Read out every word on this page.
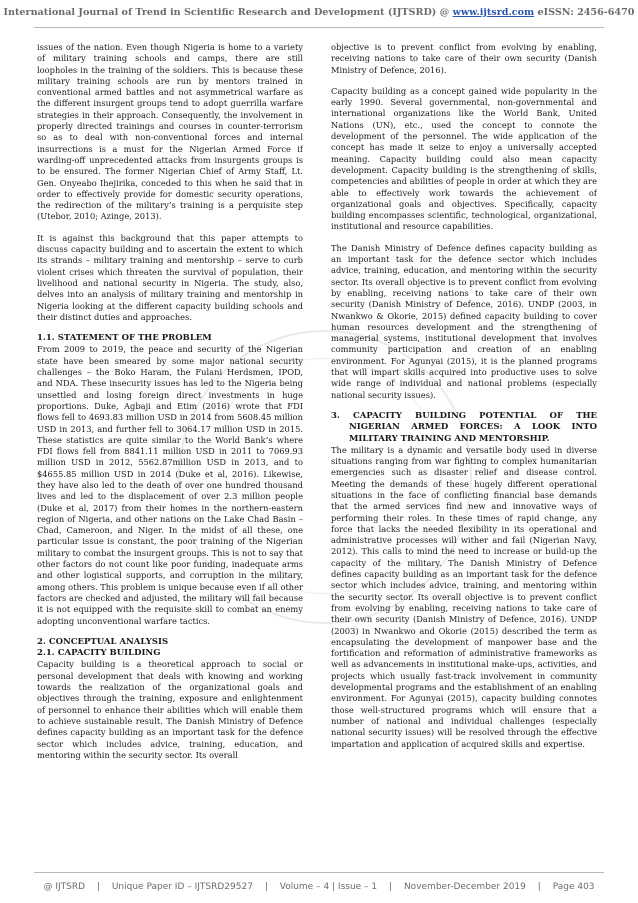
International Journal of Trend in Scientific Research and Development (IJTSRD) @ www.ijtsrd.com eISSN: 2456-6470

issues of the nation. Even though Nigeria is home to a variety of military training schools and camps, there are still loopholes in the training of the soldiers. This is because these military training schools are run by mentors trained in conventional armed battles and not asymmetrical warfare as the different insurgent groups tend to adopt guerrilla warfare strategies in their approach. Consequently, the involvement in properly directed trainings and courses in counter-terrorism so as to deal with non-conventional forces and internal insurrections is a must for the Nigerian Armed Force if warding-off unprecedented attacks from insurgents groups is to be ensured. The former Nigerian Chief of Army Staff, Lt. Gen. Onyeabo Ihejirika, conceded to this when he said that in order to effectively provide for domestic security operations, the redirection of the military’s training is a perquisite step (Utebor, 2010; Azinge, 2013).

It is against this background that this paper attempts to discuss capacity building and to ascertain the extent to which its strands – military training and mentorship – serve to curb violent crises which threaten the survival of population, their livelihood and national security in Nigeria. The study, also, delves into an analysis of military training and mentorship in Nigeria looking at the different capacity building schools and their distinct duties and approaches.

1.1. STATEMENT OF THE PROBLEM

From 2009 to 2019, the peace and security of the Nigerian state have been smeared by some major national security challenges – the Boko Haram, the Fulani Herdsmen, IPOD, and NDA. These insecurity issues has led to the Nigeria being unsettled and losing foreign direct investments in huge proportions. Duke, Agbaji and Etim (2016) wrote that FDI flows fell to 4693.83 million USD in 2014 from 5608.45 million USD in 2013, and further fell to 3064.17 million USD in 2015. These statistics are quite similar to the World Bank’s where FDI flows fell from 8841.11 million USD in 2011 to 7069.93 million USD in 2012, 5562.87million USD in 2013, and to $4655.85 million USD in 2014 (Duke et al, 2016). Likewise, they have also led to the death of over one hundred thousand lives and led to the displacement of over 2.3 million people (Duke et al, 2017) from their homes in the northern-eastern region of Nigeria, and other nations on the Lake Chad Basin – Chad, Cameroon, and Niger. In the midst of all these, one particular issue is constant, the poor training of the Nigerian military to combat the insurgent groups. This is not to say that other factors do not count like poor funding, inadequate arms and other logistical supports, and corruption in the military, among others. This problem is unique because even if all other factors are checked and adjusted, the military will fail because it is not equipped with the requisite skill to combat an enemy adopting unconventional warfare tactics.

2. CONCEPTUAL ANALYSIS
2.1. CAPACITY BUILDING

Capacity building is a theoretical approach to social or personal development that deals with knowing and working towards the realization of the organizational goals and objectives through the training, exposure and enlightenment of personnel to enhance their abilities which will enable them to achieve sustainable result. The Danish Ministry of Defence defines capacity building as an important task for the defence sector which includes advice, training, education, and mentoring within the security sector. Its overall

objective is to prevent conflict from evolving by enabling, receiving nations to take care of their own security (Danish Ministry of Defence, 2016).

Capacity building as a concept gained wide popularity in the early 1990. Several governmental, non-governmental and international organizations like the World Bank, United Nations (UN), etc., used the concept to connote the development of the personnel. The wide application of the concept has made it seize to enjoy a universally accepted meaning. Capacity building could also mean capacity development. Capacity building is the strengthening of skills, competencies and abilities of people in order at which they are able to effectively work towards the achievement of organizational goals and objectives. Specifically, capacity building encompasses scientific, technological, organizational, institutional and resource capabilities.

The Danish Ministry of Defence defines capacity building as an important task for the defence sector which includes advice, training, education, and mentoring within the security sector. Its overall objective is to prevent conflict from evolving by enabling, receiving nations to take care of their own security (Danish Ministry of Defence, 2016). UNDP (2003, in Nwankwo & Okorie, 2015) defined capacity building to cover human resources development and the strengthening of managerial systems, institutional development that involves community participation and creation of an enabling environment. For Agunyai (2015), it is the planned programs that will impart skills acquired into productive uses to solve wide range of individual and national problems (especially national security issues).

3. CAPACITY BUILDING POTENTIAL OF THE NIGERIAN ARMED FORCES: A LOOK INTO MILITARY TRAINING AND MENTORSHIP.

The military is a dynamic and versatile body used in diverse situations ranging from war fighting to complex humanitarian emergencies such as disaster relief and disease control. Meeting the demands of these hugely different operational situations in the face of conflicting financial base demands that the armed services find new and innovative ways of performing their roles. In these times of rapid change, any force that lacks the needed flexibility in its operational and administrative processes will wither and fail (Nigerian Navy, 2012). This calls to mind the need to increase or build-up the capacity of the military. The Danish Ministry of Defence defines capacity building as an important task for the defence sector which includes advice, training, and mentoring within the security sector. Its overall objective is to prevent conflict from evolving by enabling, receiving nations to take care of their own security (Danish Ministry of Defence, 2016). UNDP (2003) in Nwankwo and Okorie (2015) described the term as encapsulating the development of manpower base and the fortification and reformation of administrative frameworks as well as advancements in institutional make-ups, activities, and projects which usually fast-track involvement in community developmental programs and the establishment of an enabling environment. For Agunyai (2015), capacity building connotes those well-structured programs which will ensure that a number of national and individual challenges (especially national security issues) will be resolved through the effective impartation and application of acquired skills and expertise.

@ IJTSRD | Unique Paper ID – IJTSRD29527 | Volume – 4 | Issue – 1 | November-December 2019 | Page 403
